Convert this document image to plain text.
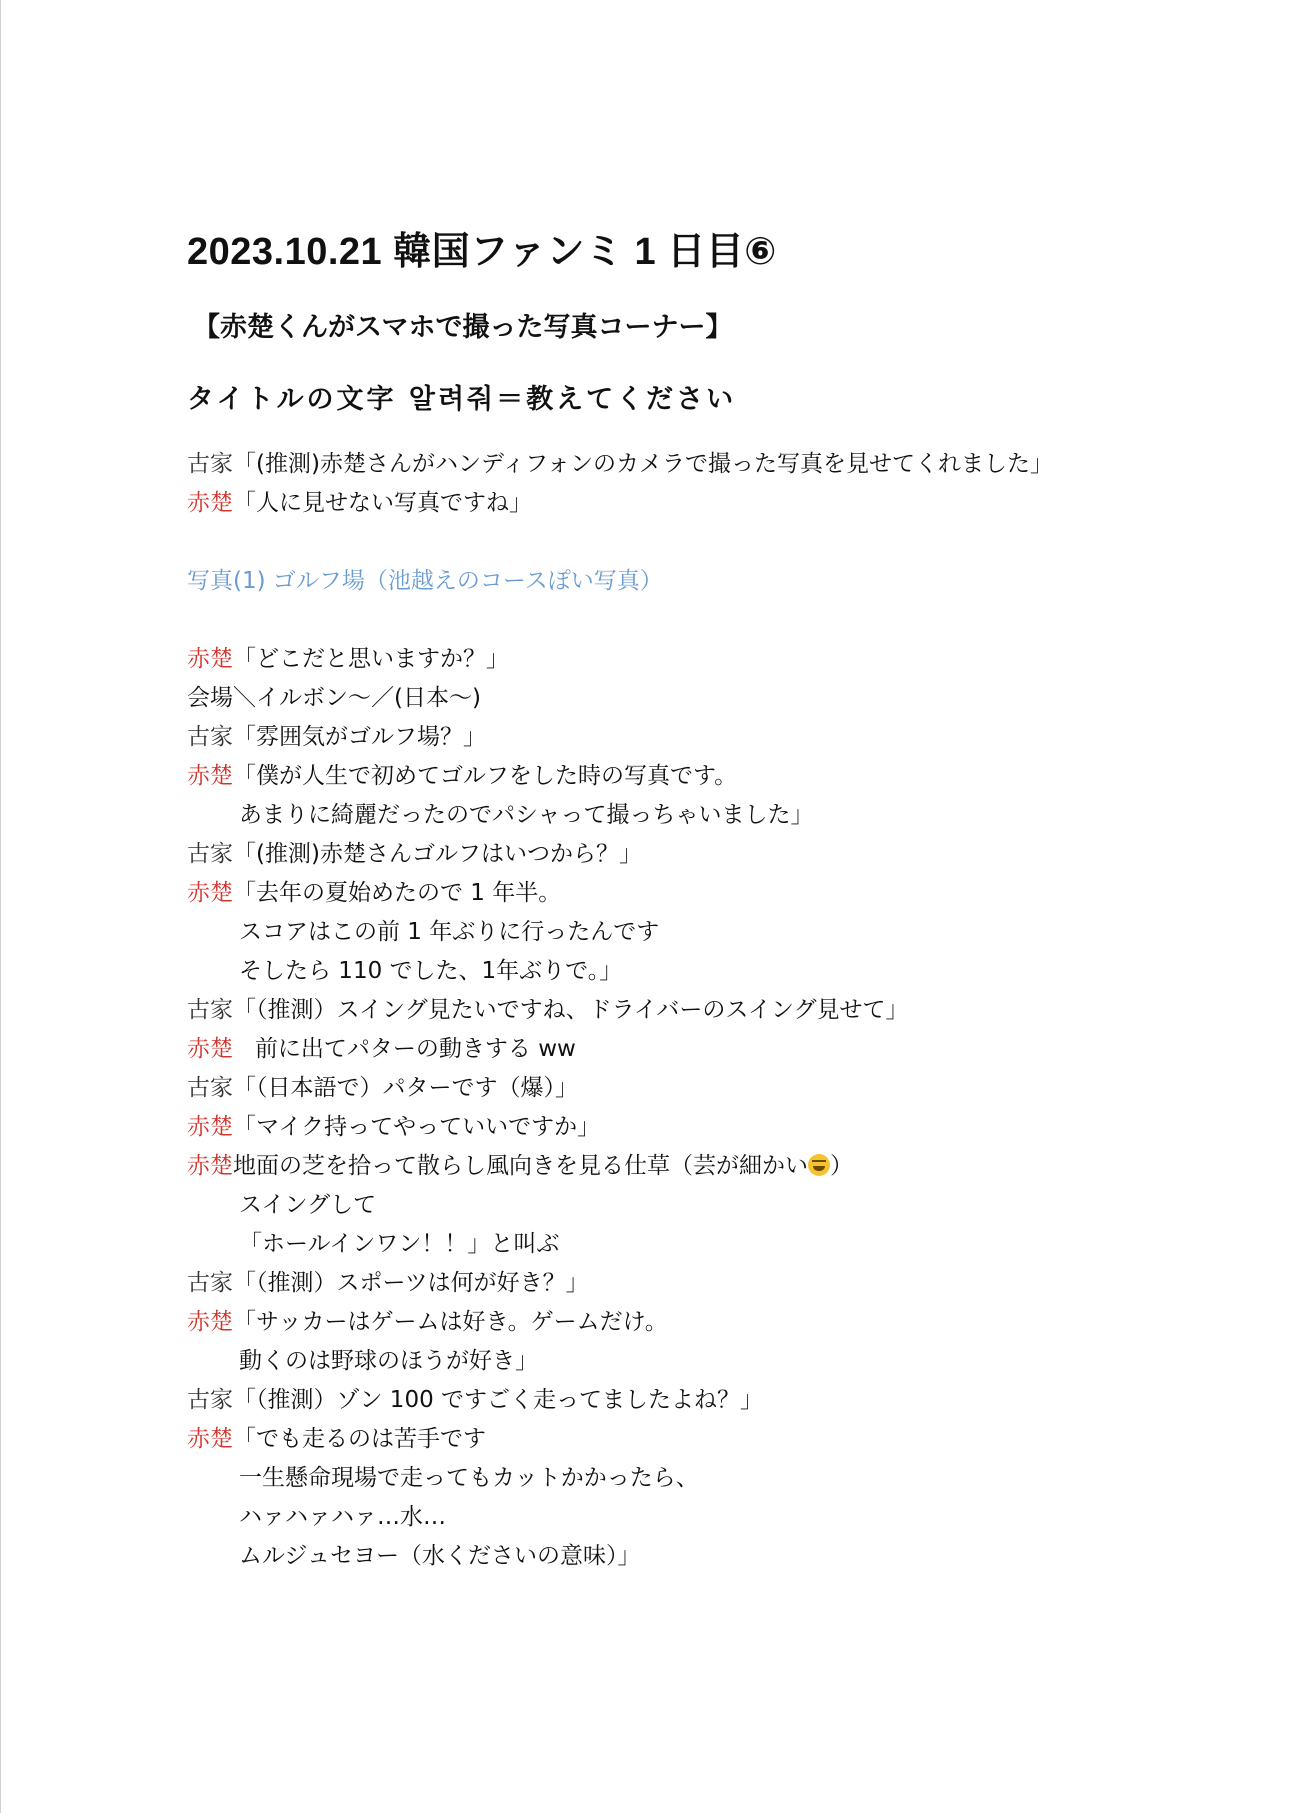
2023.10.21 韓国ファンミ 1 日目⑥
【赤楚くんがスマホで撮った写真コーナー】
タイトルの文字 알려줘＝教えてください
古家「(推測)赤楚さんがハンディフォンのカメラで撮った写真を見せてくれました」
赤楚「人に見せない写真ですね」
写真(1) ゴルフ場（池越えのコースぽい写真）
赤楚「どこだと思いますか？」
会場＼イルボン～／(日本～)
古家「雰囲気がゴルフ場？」
赤楚「僕が人生で初めてゴルフをした時の写真です。
あまりに綺麗だったのでパシャって撮っちゃいました」
古家「(推測)赤楚さんゴルフはいつから？」
赤楚「去年の夏始めたので 1 年半。
スコアはこの前 1 年ぶりに行ったんです
そしたら 110 でした、1年ぶりで。」
古家「（推測）スイング見たいですね、ドライバーのスイング見せて」
赤楚   前に出てパターの動きする ww
古家「（日本語で）パターです（爆）」
赤楚「マイク持ってやっていいですか」
赤楚地面の芝を拾って散らし風向きを見る仕草（芸が細かい ）
スイングして
「ホールインワン！！」と叫ぶ
古家「（推測）スポーツは何が好き？」
赤楚「サッカーはゲームは好き。ゲームだけ。
動くのは野球のほうが好き」
古家「（推測）ゾン 100 ですごく走ってましたよね？」
赤楚「でも走るのは苦手です
一生懸命現場で走ってもカットかかったら、
ハァハァハァ…水…
ムルジュセヨー（水くださいの意味）」
